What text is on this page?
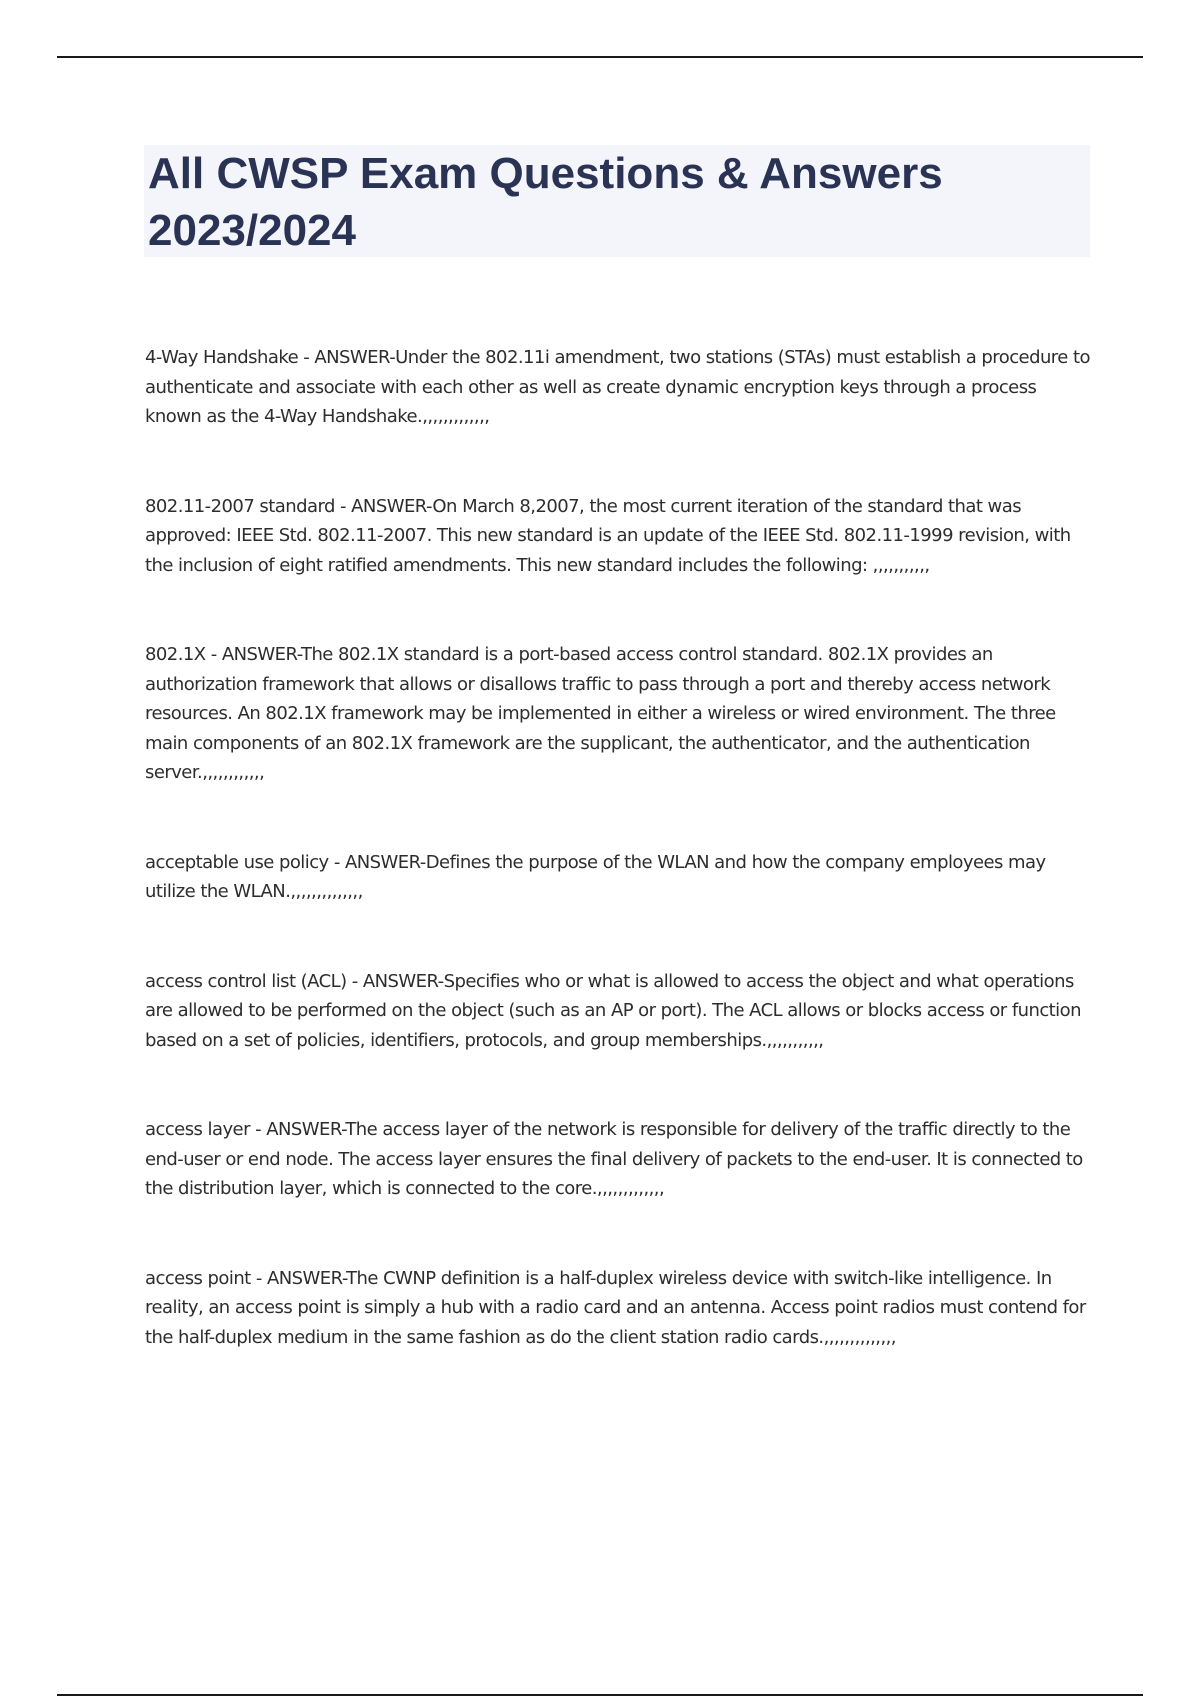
All CWSP Exam Questions & Answers 2023/2024

4-Way Handshake - ANSWER-Under the 802.11i amendment, two stations (STAs) must establish a procedure to authenticate and associate with each other as well as create dynamic encryption keys through a process known as the 4-Way Handshake.,,,,,,,,,,,,,

802.11-2007 standard - ANSWER-On March 8,2007, the most current iteration of the standard that was approved: IEEE Std. 802.11-2007. This new standard is an update of the IEEE Std. 802.11-1999 revision, with the inclusion of eight ratified amendments. This new standard includes the following: ,,,,,,,,,,,

802.1X - ANSWER-The 802.1X standard is a port-based access control standard. 802.1X provides an authorization framework that allows or disallows traffic to pass through a port and thereby access network resources. An 802.1X framework may be implemented in either a wireless or wired environment. The three main components of an 802.1X framework are the supplicant, the authenticator, and the authentication server.,,,,,,,,,,,,

acceptable use policy - ANSWER-Defines the purpose of the WLAN and how the company employees may utilize the WLAN.,,,,,,,,,,,,,,

access control list (ACL) - ANSWER-Specifies who or what is allowed to access the object and what operations are allowed to be performed on the object (such as an AP or port). The ACL allows or blocks access or function based on a set of policies, identifiers, protocols, and group memberships.,,,,,,,,,,,

access layer - ANSWER-The access layer of the network is responsible for delivery of the traffic directly to the end-user or end node. The access layer ensures the final delivery of packets to the end-user. It is connected to the distribution layer, which is connected to the core.,,,,,,,,,,,,,

access point - ANSWER-The CWNP definition is a half-duplex wireless device with switch-like intelligence. In reality, an access point is simply a hub with a radio card and an antenna. Access point radios must contend for the half-duplex medium in the same fashion as do the client station radio cards.,,,,,,,,,,,,,,
